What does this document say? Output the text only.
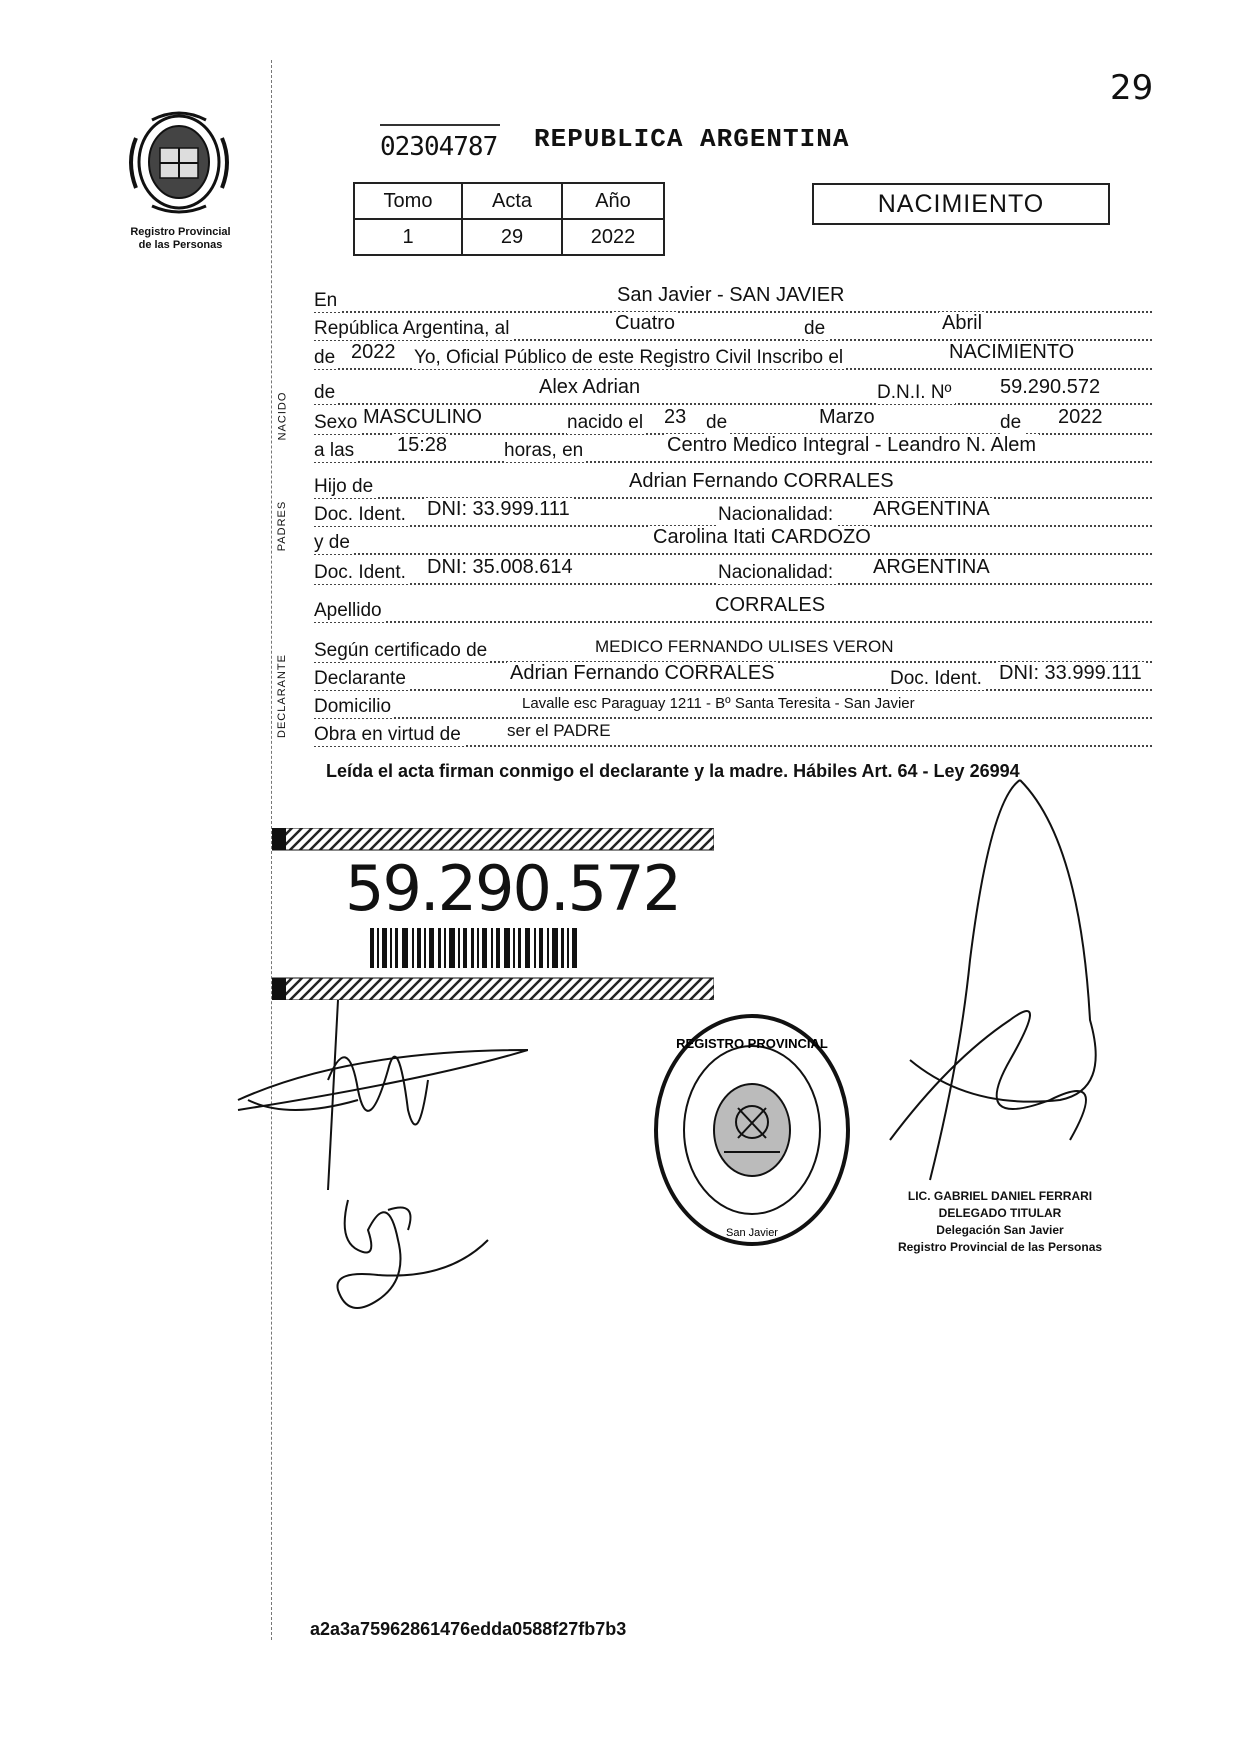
29
Registro Provincial
de las Personas
02304787 REPUBLICA ARGENTINA
Tomo	Acta	Año
1	29	2022
NACIMIENTO
NACIDO
PADRES
DECLARANTE
En	San Javier - SAN JAVIER
República Argentina, al	Cuatro	de	Abril
de 2022 Yo, Oficial Público de este Registro Civil Inscribo el	NACIMIENTO
de	Alex Adrian	D.N.I. Nº 59.290.572
Sexo MASCULINO	nacido el 23 de	Marzo	de 2022
a las 15:28	horas, en	Centro Medico Integral - Leandro N. Alem
Hijo de	Adrian Fernando CORRALES
Doc. Ident. DNI: 33.999.111	Nacionalidad: ARGENTINA
y de	Carolina Itati CARDOZO
Doc. Ident. DNI: 35.008.614	Nacionalidad: ARGENTINA
Apellido	CORRALES
Según certificado de	MEDICO FERNANDO ULISES VERON
Declarante	Adrian Fernando CORRALES	Doc. Ident. DNI: 33.999.111
Domicilio	Lavalle esc Paraguay 1211 - Bº Santa Teresita - San Javier
Obra en virtud de	ser el PADRE
Leída el acta firman conmigo el declarante y la madre. Hábiles Art. 64 - Ley 26994
59.290.572
REGISTRO PROVINCIAL
San Javier
LIC. GABRIEL DANIEL FERRARI
DELEGADO TITULAR
Delegación San Javier
Registro Provincial de las Personas
a2a3a75962861476edda0588f27fb7b3
